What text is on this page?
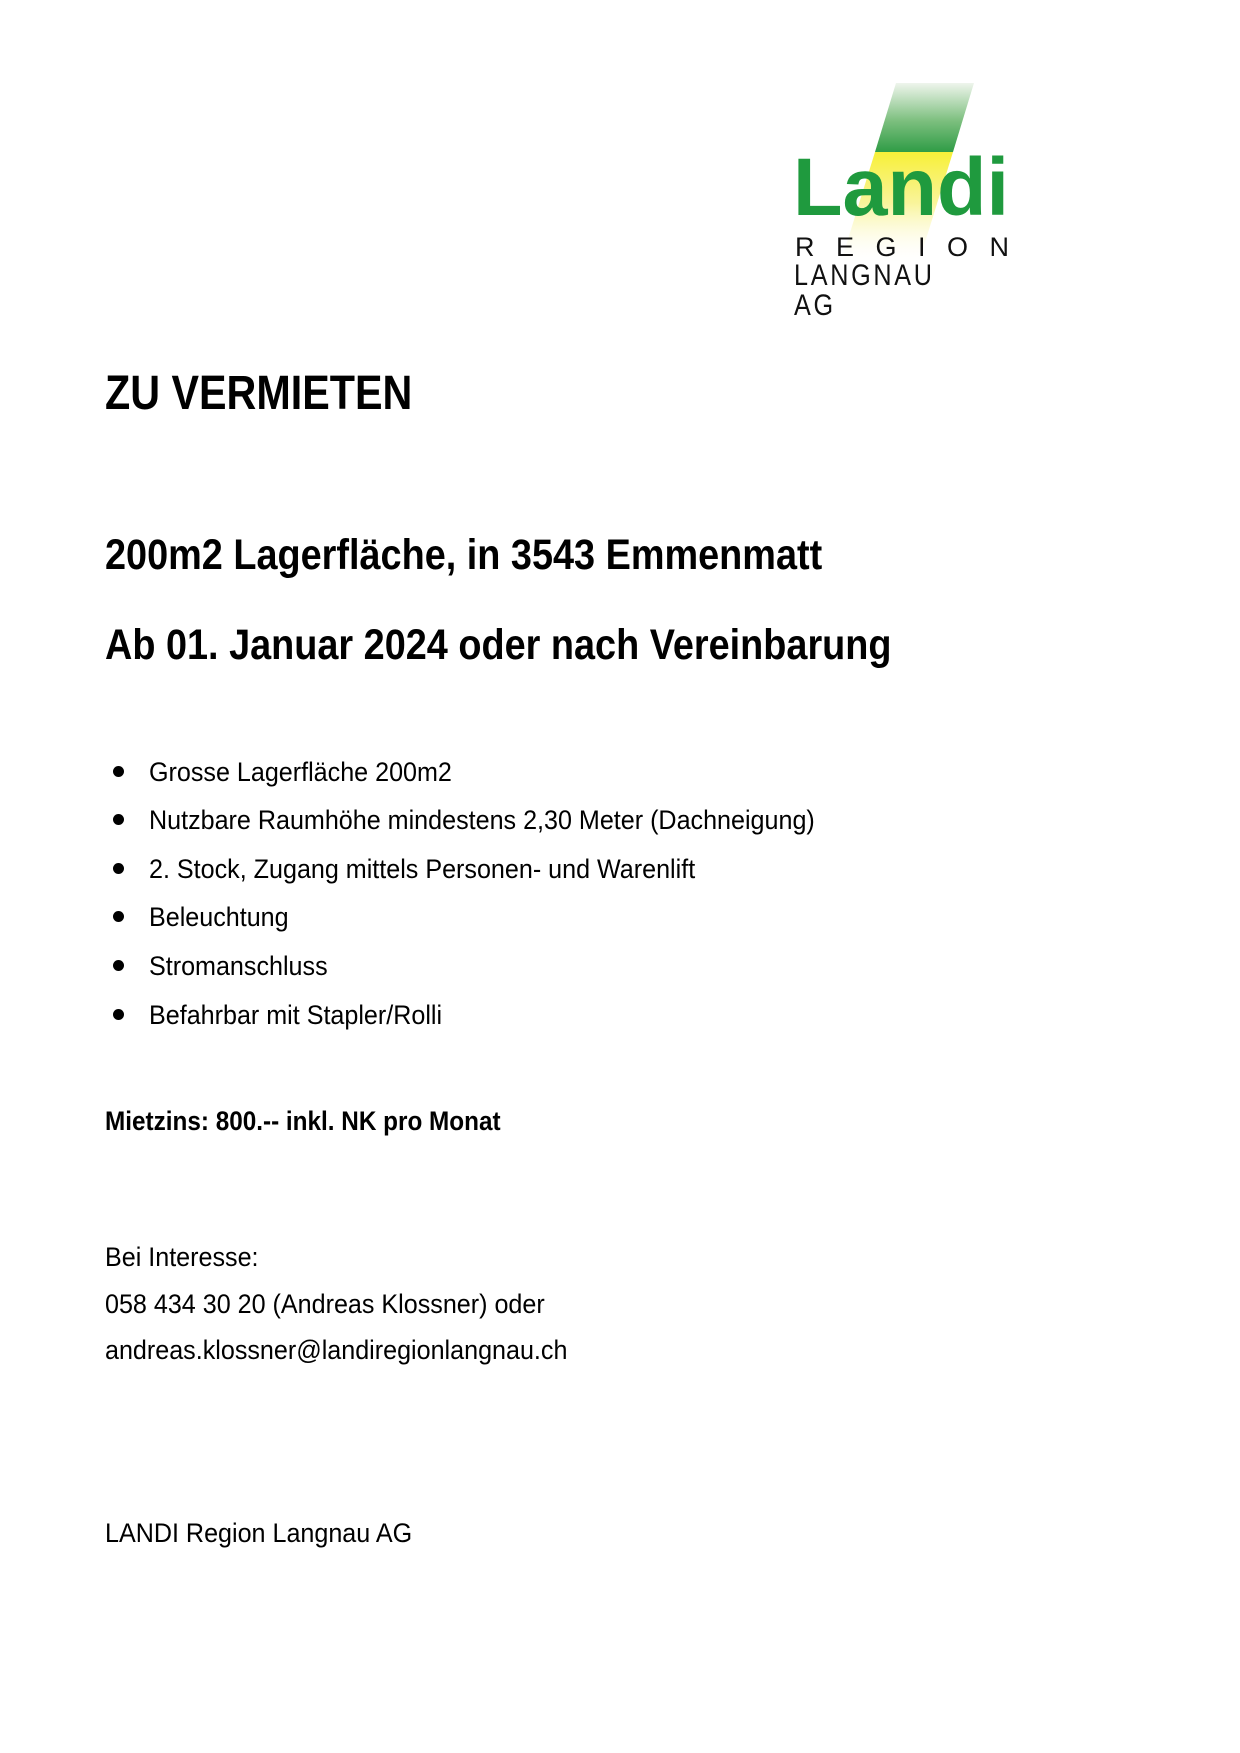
Landi
R E G I O N
LANGNAU AG
ZU VERMIETEN
200m2 Lagerfläche, in 3543 Emmenmatt
Ab 01. Januar 2024 oder nach Vereinbarung
Grosse Lagerfläche 200m2
Nutzbare Raumhöhe mindestens 2,30 Meter (Dachneigung)
2. Stock, Zugang mittels Personen- und Warenlift
Beleuchtung
Stromanschluss
Befahrbar mit Stapler/Rolli
Mietzins: 800.-- inkl. NK pro Monat
Bei Interesse:
058 434 30 20 (Andreas Klossner) oder
andreas.klossner@landiregionlangnau.ch
LANDI Region Langnau AG
